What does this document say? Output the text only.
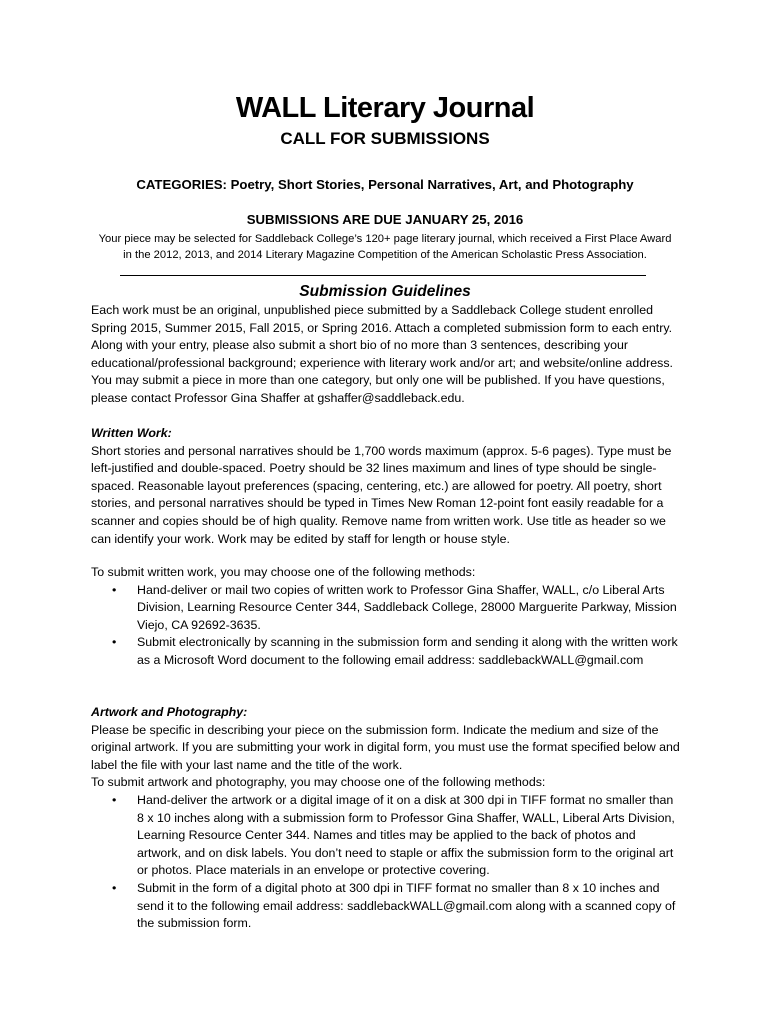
WALL Literary Journal
CALL FOR SUBMISSIONS
CATEGORIES: Poetry, Short Stories, Personal Narratives, Art, and Photography
SUBMISSIONS ARE DUE JANUARY 25, 2016
Your piece may be selected for Saddleback College’s 120+ page literary journal, which received a First Place Award
in the 2012, 2013, and 2014 Literary Magazine Competition of the American Scholastic Press Association.
Submission Guidelines

Each work must be an original, unpublished piece submitted by a Saddleback College student enrolled Spring 2015, Summer 2015, Fall 2015, or Spring 2016. Attach a completed submission form to each entry. Along with your entry, please also submit a short bio of no more than 3 sentences, describing your educational/professional background; experience with literary work and/or art; and website/online address. You may submit a piece in more than one category, but only one will be published. If you have questions, please contact Professor Gina Shaffer at gshaffer@saddleback.edu.

Written Work:

Short stories and personal narratives should be 1,700 words maximum (approx. 5-6 pages). Type must be left-justified and double-spaced. Poetry should be 32 lines maximum and lines of type should be single-spaced. Reasonable layout preferences (spacing, centering, etc.) are allowed for poetry. All poetry, short stories, and personal narratives should be typed in Times New Roman 12-point font easily readable for a scanner and copies should be of high quality. Remove name from written work. Use title as header so we can identify your work. Work may be edited by staff for length or house style.

To submit written work, you may choose one of the following methods:

• Hand-deliver or mail two copies of written work to Professor Gina Shaffer, WALL, c/o Liberal Arts Division, Learning Resource Center 344, Saddleback College, 28000 Marguerite Parkway, Mission Viejo, CA 92692-3635.
• Submit electronically by scanning in the submission form and sending it along with the written work as a Microsoft Word document to the following email address: saddlebackWALL@gmail.com

Artwork and Photography:

Please be specific in describing your piece on the submission form. Indicate the medium and size of the original artwork. If you are submitting your work in digital form, you must use the format specified below and label the file with your last name and the title of the work.

To submit artwork and photography, you may choose one of the following methods:

• Hand-deliver the artwork or a digital image of it on a disk at 300 dpi in TIFF format no smaller than 8 x 10 inches along with a submission form to Professor Gina Shaffer, WALL, Liberal Arts Division, Learning Resource Center 344. Names and titles may be applied to the back of photos and artwork, and on disk labels. You don’t need to staple or affix the submission form to the original art or photos. Place materials in an envelope or protective covering.
• Submit in the form of a digital photo at 300 dpi in TIFF format no smaller than 8 x 10 inches and send it to the following email address: saddlebackWALL@gmail.com along with a scanned copy of the submission form.
